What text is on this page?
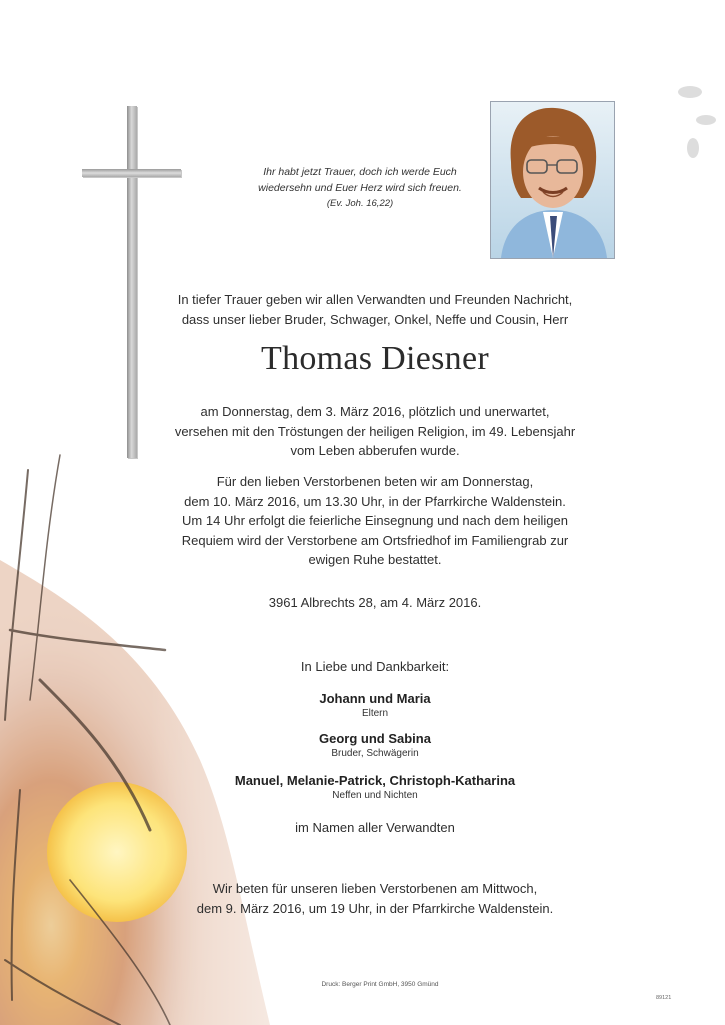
Ihr habt jetzt Trauer, doch ich werde Euch
wiedersehn und Euer Herz wird sich freuen.
(Ev. Joh. 16,22)
In tiefer Trauer geben wir allen Verwandten und Freunden Nachricht,
dass unser lieber Bruder, Schwager, Onkel, Neffe und Cousin, Herr
Thomas Diesner
am Donnerstag, dem 3. März 2016, plötzlich und unerwartet,
versehen mit den Tröstungen der heiligen Religion, im 49. Lebensjahr
vom Leben abberufen wurde.
Für den lieben Verstorbenen beten wir am Donnerstag,
dem 10. März 2016, um 13.30 Uhr, in der Pfarrkirche Waldenstein.
Um 14 Uhr erfolgt die feierliche Einsegnung und nach dem heiligen
Requiem wird der Verstorbene am Ortsfriedhof im Familiengrab zur
ewigen Ruhe bestattet.
3961 Albrechts 28, am 4. März 2016.
In Liebe und Dankbarkeit:
Johann und Maria
Eltern
Georg und Sabina
Bruder, Schwägerin
Manuel, Melanie-Patrick, Christoph-Katharina
Neffen und Nichten
im Namen aller Verwandten
Wir beten für unseren lieben Verstorbenen am Mittwoch,
dem 9. März 2016, um 19 Uhr, in der Pfarrkirche Waldenstein.
Druck: Berger Print GmbH, 3950 Gmünd
89121
